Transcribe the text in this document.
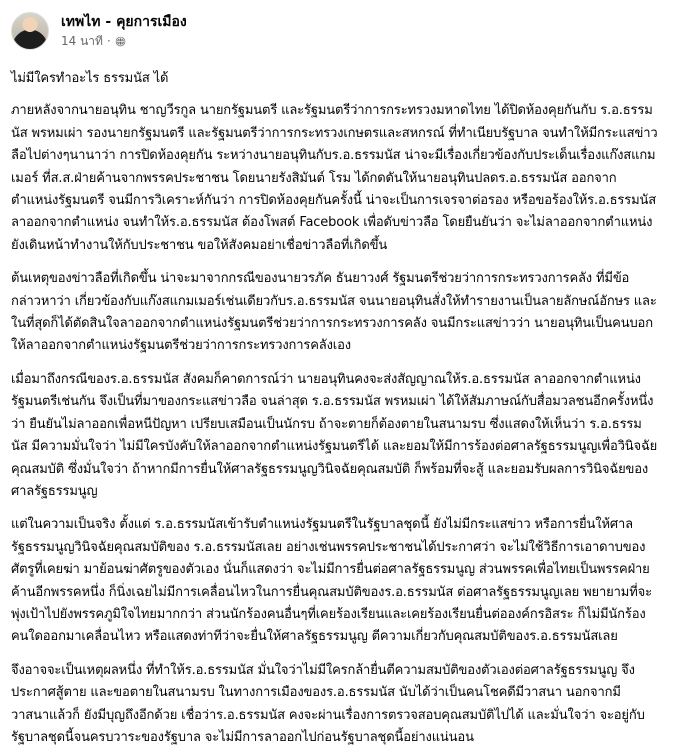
เทพไท - คุยการเมือง
14 นาที ·

ไม่มีใครทำอะไร ธรรมนัส ได้

ภายหลังจากนายอนุทิน ชาญวีรกูล นายกรัฐมนตรี และรัฐมนตรีว่าการกระทรวงมหาดไทย ได้ปิดห้องคุยกันกับ ร.อ.ธรรมนัส พรหมเผ่า รองนายกรัฐมนตรี และรัฐมนตรีว่าการกระทรวงเกษตรและสหกรณ์ ที่ทำเนียบรัฐบาล จนทำให้มีกระแสข่าวลือไปต่างๆนานาว่า การปิดห้องคุยกัน ระหว่างนายอนุทินกับร.อ.ธรรมนัส น่าจะมีเรื่องเกี่ยวข้องกับประเด็นเรื่องแก๊งสแกมเมอร์ ที่ส.ส.ฝ่ายค้านจากพรรคประชาชน โดยนายรังสิมันต์ โรม ได้กดดันให้นายอนุทินปลดร.อ.ธรรมนัส ออกจากตำแหน่งรัฐมนตรี จนมีการวิเคราะห์กันว่า การปิดห้องคุยกันครั้งนี้ น่าจะเป็นการเจรจาต่อรอง หรือขอร้องให้ร.อ.ธรรมนัส ลาออกจากตำแหน่ง จนทำให้ร.อ.ธรรมนัส ต้องโพสต์ Facebook เพื่อดับข่าวลือ โดยยืนยันว่า จะไม่ลาออกจากตำแหน่ง ยังเดินหน้าทำงานให้กับประชาชน ขอให้สังคมอย่าเชื่อข่าวลือที่เกิดขึ้น

ต้นเหตุของข่าวลือที่เกิดขึ้น น่าจะมาจากกรณีของนายวรภัค ธันยาวงศ์ รัฐมนตรีช่วยว่าการกระทรวงการคลัง ที่มีข้อกล่าวหาว่า เกี่ยวข้องกับแก๊งสแกมเมอร์เช่นเดียวกับร.อ.ธรรมนัส จนนายอนุทินสั่งให้ทำรายงานเป็นลายลักษณ์อักษร และในที่สุดก็ได้ตัดสินใจลาออกจากตำแหน่งรัฐมนตรีช่วยว่าการกระทรวงการคลัง จนมีกระแสข่าวว่า นายอนุทินเป็นคนบอกให้ลาออกจากตำแหน่งรัฐมนตรีช่วยว่าการกระทรวงการคลังเอง

เมื่อมาถึงกรณีของร.อ.ธรรมนัส สังคมก็คาดการณ์ว่า นายอนุทินคงจะส่งสัญญาณให้ร.อ.ธรรมนัส ลาออกจากตำแหน่งรัฐมนตรีเช่นกัน จึงเป็นที่มาของกระแสข่าวลือ จนล่าสุด ร.อ.ธรรมนัส พรหมเผ่า ได้ให้สัมภาษณ์กับสื่อมวลชนอีกครั้งหนึ่งว่า ยืนยันไม่ลาออกเพื่อหนีปัญหา เปรียบเสมือนเป็นนักรบ ถ้าจะตายก็ต้องตายในสนามรบ ซึ่งแสดงให้เห็นว่า ร.อ.ธรรมนัส มีความมั่นใจว่า ไม่มีใครบังคับให้ลาออกจากตำแหน่งรัฐมนตรีได้ และยอมให้มีการร้องต่อศาลรัฐธรรมนูญเพื่อวินิจฉัยคุณสมบัติ ซึ่งมั่นใจว่า ถ้าหากมีการยื่นให้ศาลรัฐธรรมนูญวินิจฉัยคุณสมบัติ ก็พร้อมที่จะสู้ และยอมรับผลการวินิจฉัยของศาลรัฐธรรมนูญ

แต่ในความเป็นจริง ตั้งแต่ ร.อ.ธรรมนัสเข้ารับตำแหน่งรัฐมนตรีในรัฐบาลชุดนี้ ยังไม่มีกระแสข่าว หรือการยื่นให้ศาลรัฐธรรมนูญวินิจฉัยคุณสมบัติของ ร.อ.ธรรมนัสเลย อย่างเช่นพรรคประชาชนได้ประกาศว่า จะไม่ใช้วิธีการเอาดาบของศัตรูที่เคยฆ่า มาย้อนฆ่าศัตรูของตัวเอง นั่นก็แสดงว่า จะไม่มีการยื่นต่อศาลรัฐธรรมนูญ ส่วนพรรคเพื่อไทยเป็นพรรคฝ่ายค้านอีกพรรคหนึ่ง ก็นิ่งเฉยไม่มีการเคลื่อนไหวในการยื่นคุณสมบัติของร.อ.ธรรมนัส ต่อศาลรัฐธรรมนูญเลย พยายามที่จะพุ่งเป้าไปยังพรรคภูมิใจไทยมากกว่า ส่วนนักร้องคนอื่นๆที่เคยร้องเรียนและเคยร้องเรียนยื่นต่อองค์กรอิสระ ก็ไม่มีนักร้องคนใดออกมาเคลื่อนไหว หรือแสดงท่าทีว่าจะยื่นให้ศาลรัฐธรรมนูญ ตีความเกี่ยวกับคุณสมบัติของร.อ.ธรรมนัสเลย

จึงอาจจะเป็นเหตุผลหนึ่ง ที่ทำให้ร.อ.ธรรมนัส มั่นใจว่าไม่มีใครกล้ายื่นตีความสมบัติของตัวเองต่อศาลรัฐธรรมนูญ จึงประกาศสู้ตาย และขอตายในสนามรบ ในทางการเมืองของร.อ.ธรรมนัส นับได้ว่าเป็นคนโชคดีมีวาสนา นอกจากมีวาสนาแล้วก็ ยังมีบุญถึงอีกด้วย เชื่อว่าร.อ.ธรรมนัส คงจะผ่านเรื่องการตรวจสอบคุณสมบัติไปได้ และมั่นใจว่า จะอยู่กับรัฐบาลชุดนี้จนครบวาระของรัฐบาล จะไม่มีการลาออกไปก่อนรัฐบาลชุดนี้อย่างแน่นอน
